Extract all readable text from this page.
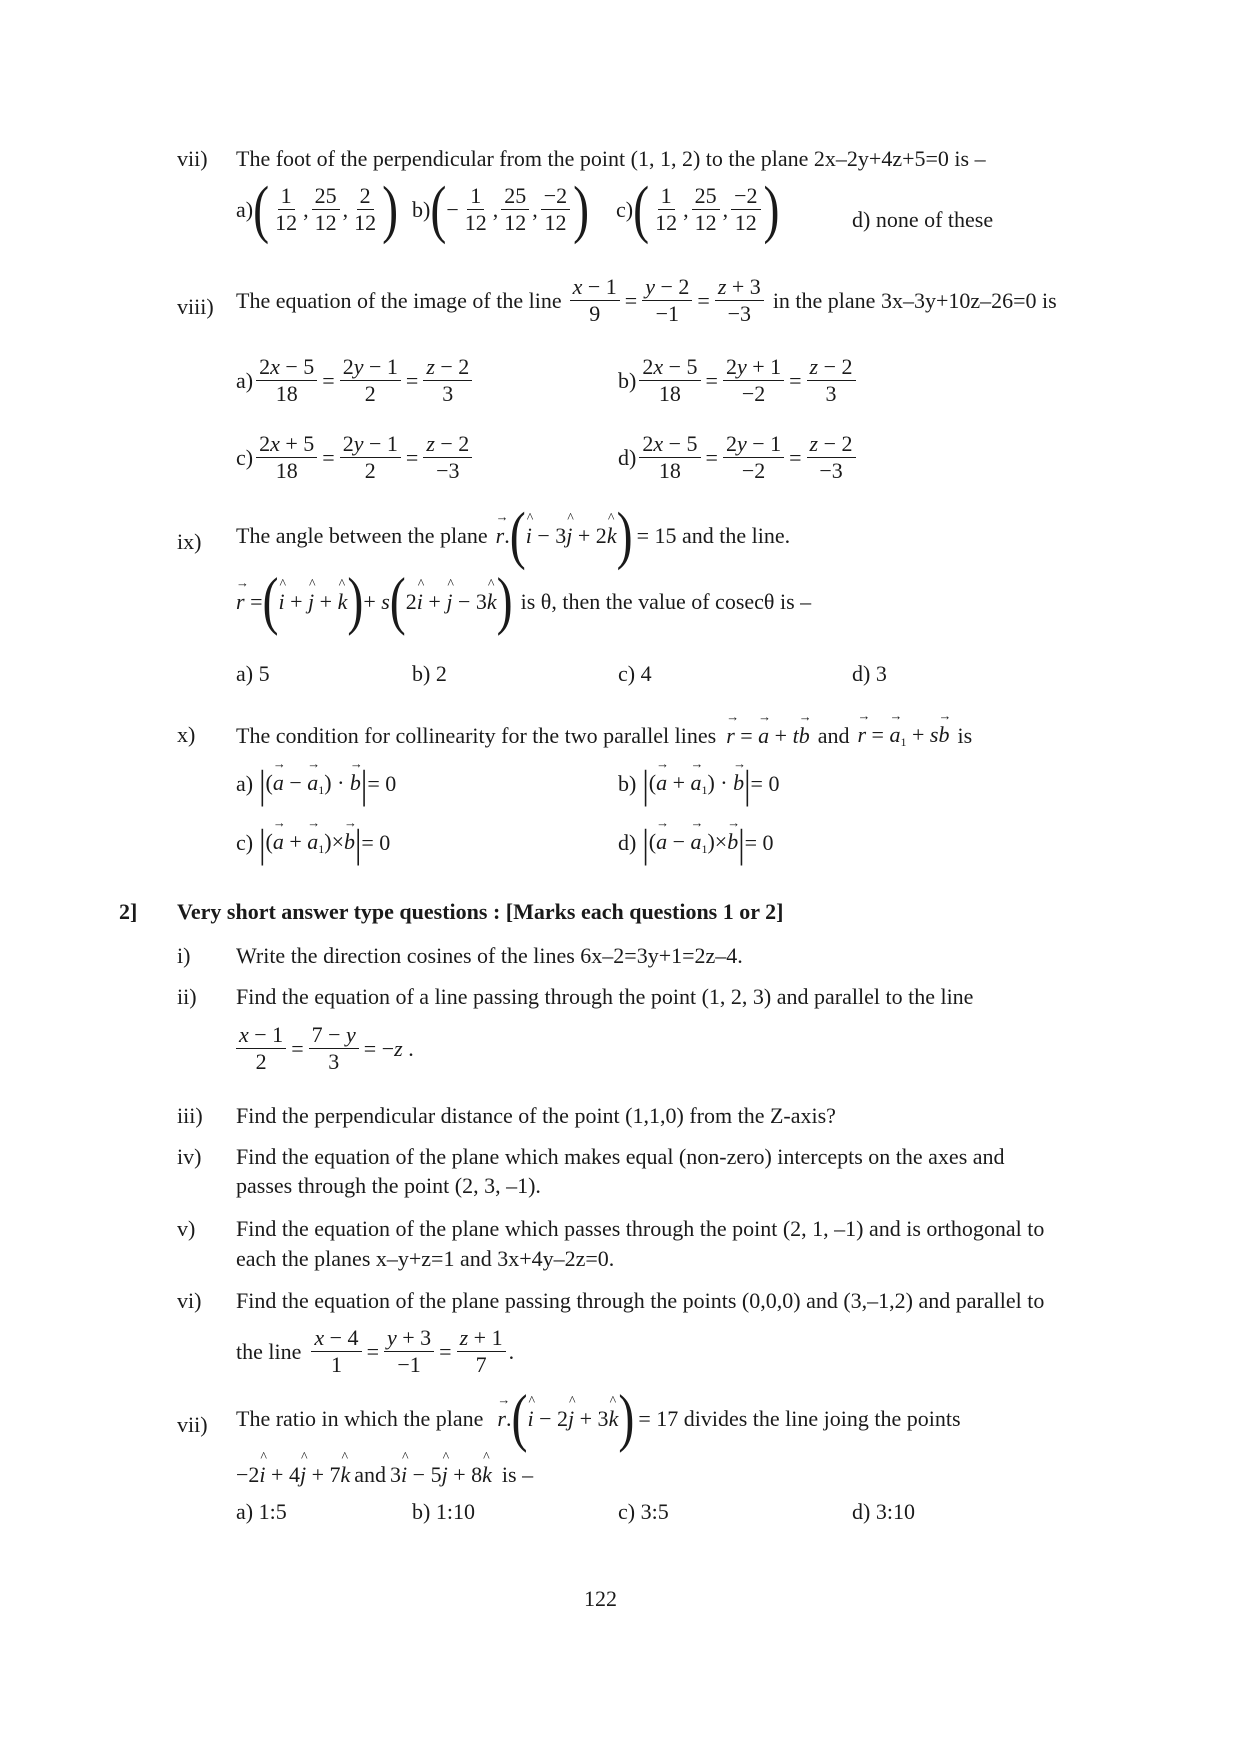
vii) The foot of the perpendicular from the point (1, 1, 2) to the plane 2x–2y+4z+5=0 is –
a) ( $\frac{1}{12}$ , $\frac{25}{12}$ , $\frac{2}{12}$ ) b) ( − $\frac{1}{12}$ , $\frac{25}{12}$ , $\frac{-2}{12}$ ) c) ( $\frac{1}{12}$ , $\frac{25}{12}$ , $\frac{-2}{12}$ )	d) none of these
viii) The equation of the image of the line $\frac{x - 1}{9} = \frac{y - 2}{-1} = \frac{z + 3}{-3}$ in the plane 3x–3y+10z–26=0 is
$a) \frac{2x - 5}{18} = \frac{2y - 1}{2} = \frac{z - 2}{3}$	$b) \frac{2x - 5}{18} = \frac{2y + 1}{-2} = \frac{z - 2}{3}$
$c) \frac{2x + 5}{18} = \frac{2y - 1}{2} = \frac{z - 2}{-3}$	$d) \frac{2x - 5}{18} = \frac{2y - 1}{-2} = \frac{z - 2}{-3}$
ix) The angle between the plane → r. ( ^ i − 3^ j + 2^ k ) = 15 and the line.
→ r = ( ^ i + ^ j + ^ k ) + s ( 2^ i + ^ j − 3^ k ) is θ, then the value of cosecθ is –
a) 5	b) 2	c) 4	d) 3
x) The condition for collinearity for the two parallel lines → r = → a + t→ b and → r = → $a_1 + s\to b$ is
a) | (→ a − → $a_1$) · → b | = 0	b) | (→ a + → $a_1$) · → b | = 0
c) | (→ a + → $a_1)\times\to b$ | = 0	d) | (→ a − → $a_1)\times\to b$ | = 0
2] Very short answer type questions : [Marks each questions 1 or 2]
i) Write the direction cosines of the lines 6x–2=3y+1=2z–4.
ii) Find the equation of a line passing through the point (1, 2, 3) and parallel to the line
$\frac{x - 1}{2} = \frac{7 - y}{3} = -z$ .
iii) Find the perpendicular distance of the point (1,1,0) from the Z-axis?
iv) Find the equation of the plane which makes equal (non-zero) intercepts on the axes and
passes through the point (2, 3, –1).
v) Find the equation of the plane which passes through the point (2, 1, –1) and is orthogonal to
each the planes x–y+z=1 and 3x+4y–2z=0.
vi) Find the equation of the plane passing through the points (0,0,0) and (3,–1,2) and parallel to
the line $\frac{x - 4}{1} = \frac{y + 3}{-1} = \frac{z + 1}{7}$ .
vii) The ratio in which the plane → r. ( ^ i − 2^ j + 3^ k ) = 17 divides the line joing the points
−2^ i + 4^ j + 7^ k and 3^ i − 5^ j + 8^ k is –
a) 1:5	b) 1:10	c) 3:5	d) 3:10
122
